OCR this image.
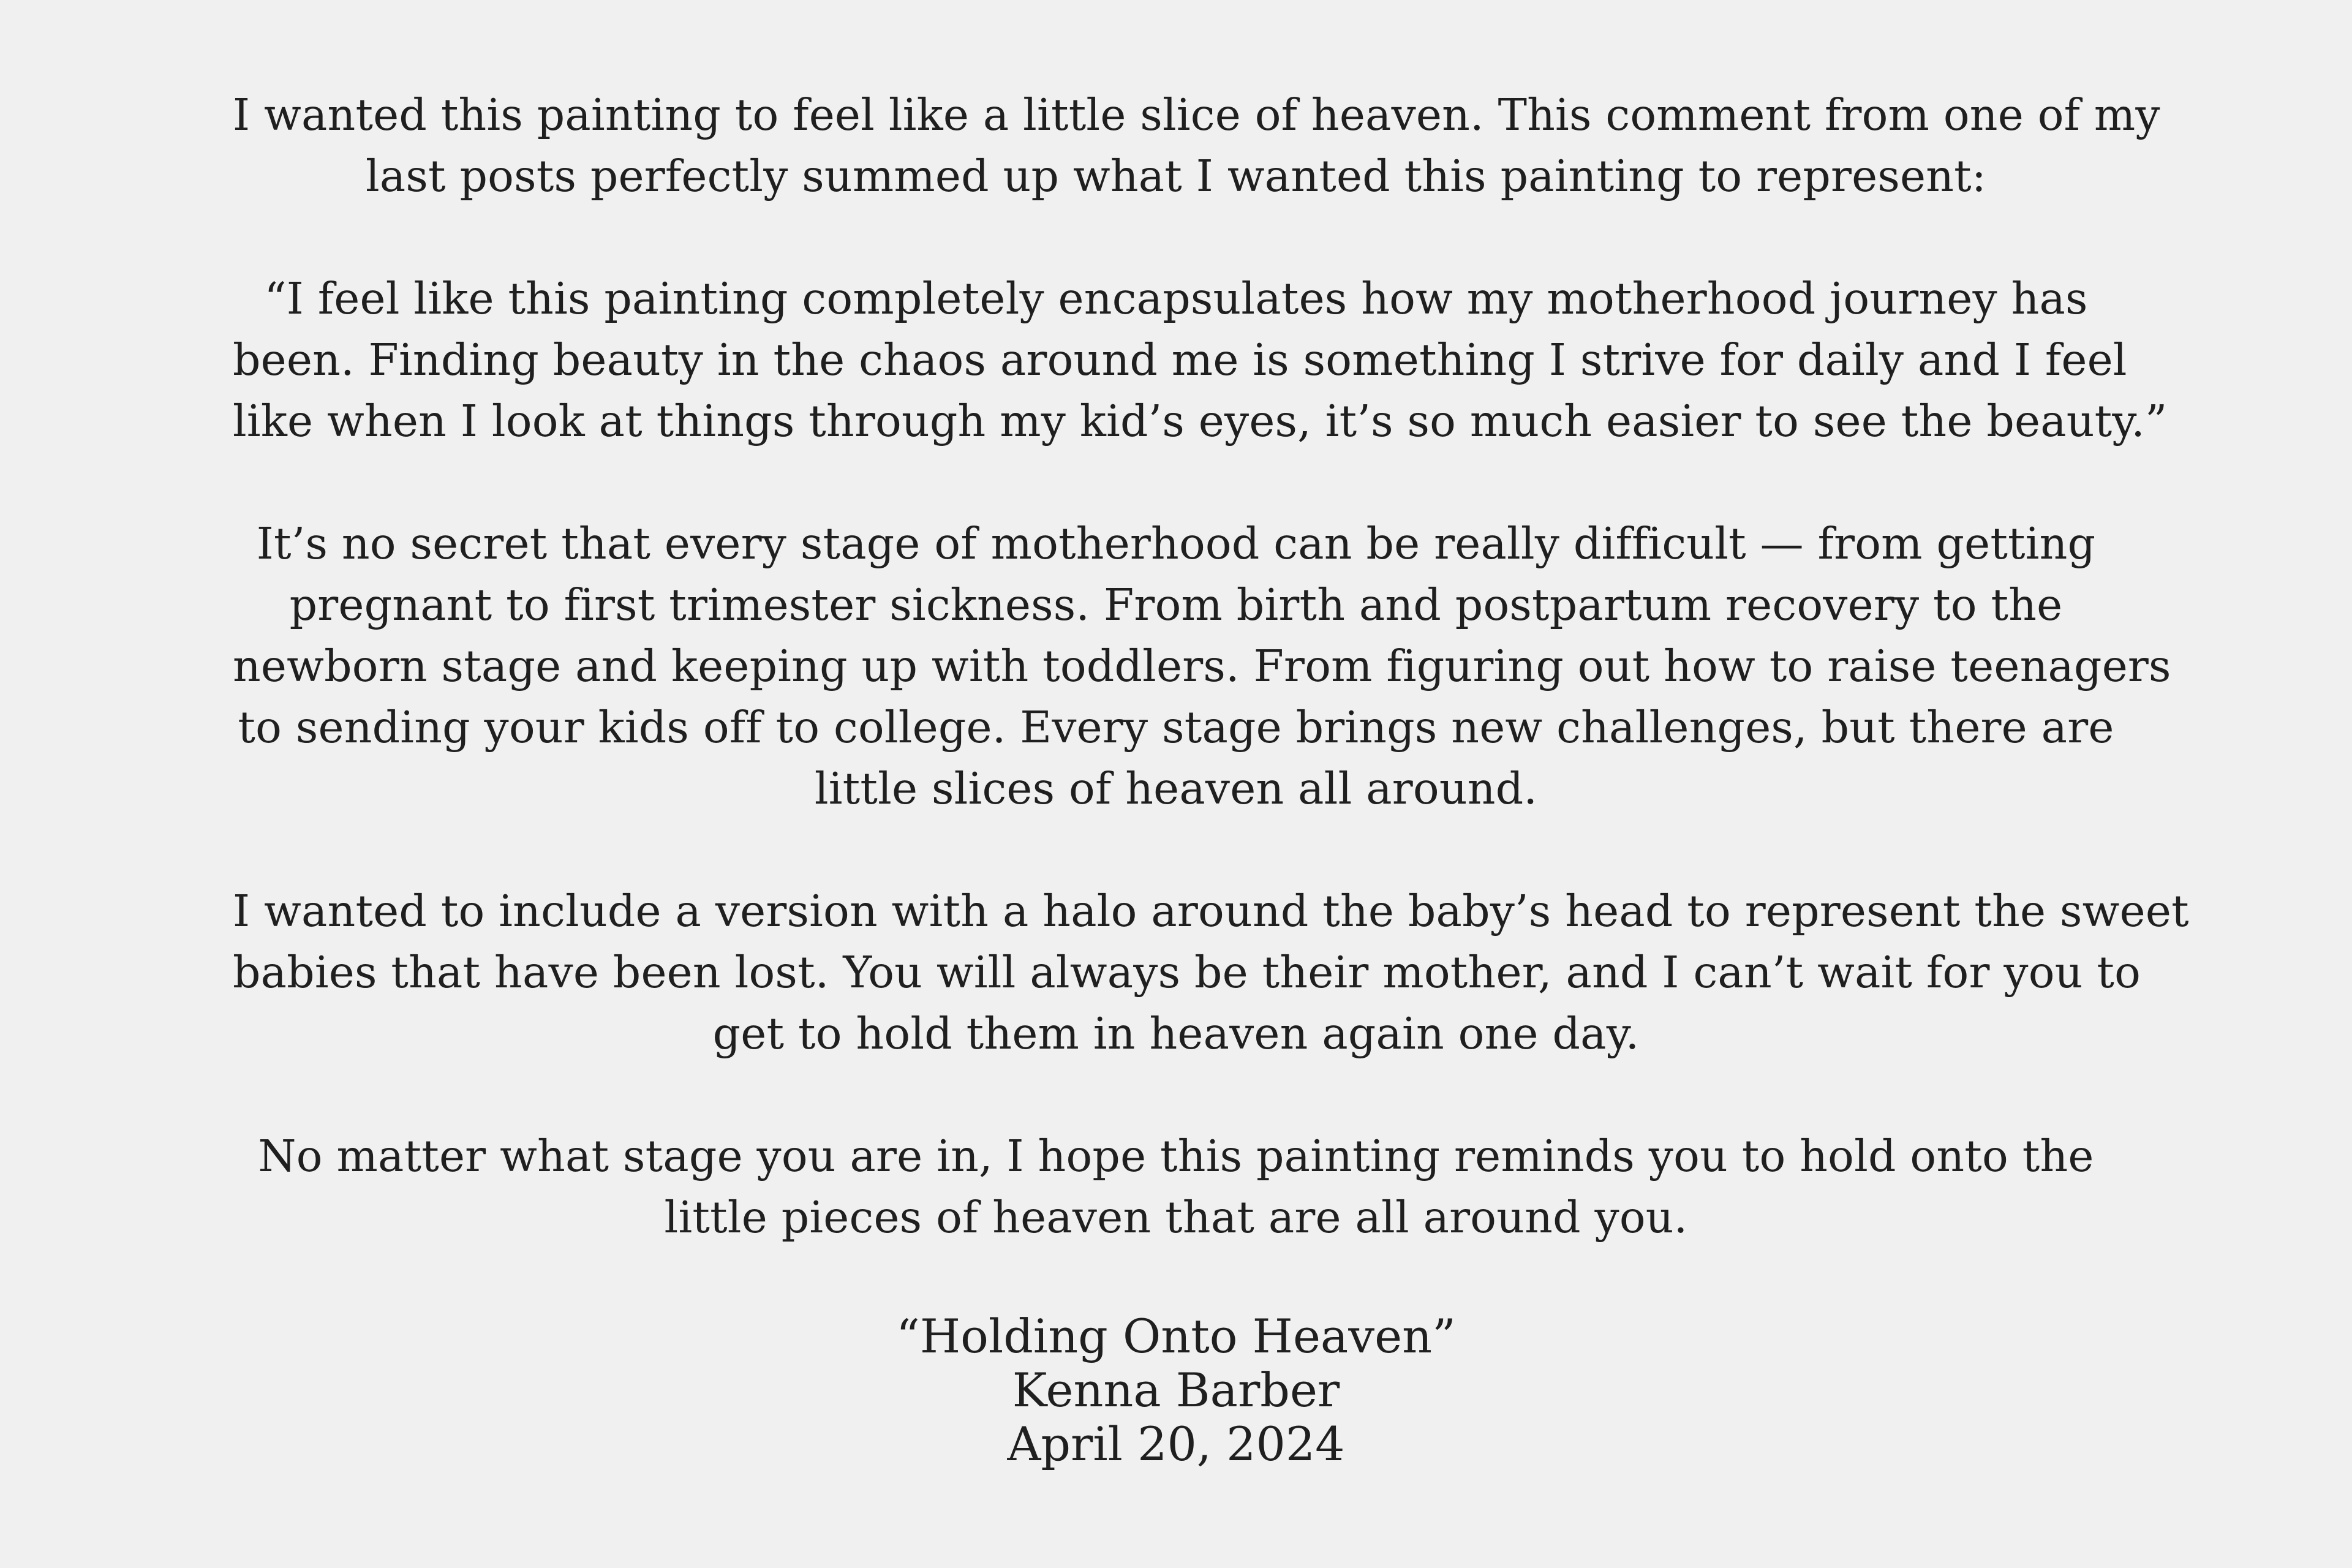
I wanted this painting to feel like a little slice of heaven. This comment from one of my
last posts perfectly summed up what I wanted this painting to represent:

“I feel like this painting completely encapsulates how my motherhood journey has
been. Finding beauty in the chaos around me is something I strive for daily and I feel
like when I look at things through my kid’s eyes, it’s so much easier to see the beauty.”

It’s no secret that every stage of motherhood can be really difficult — from getting
pregnant to first trimester sickness. From birth and postpartum recovery to the
newborn stage and keeping up with toddlers. From figuring out how to raise teenagers
to sending your kids off to college. Every stage brings new challenges, but there are
little slices of heaven all around.

I wanted to include a version with a halo around the baby’s head to represent the sweet
babies that have been lost. You will always be their mother, and I can’t wait for you to
get to hold them in heaven again one day.

No matter what stage you are in, I hope this painting reminds you to hold onto the
little pieces of heaven that are all around you.

“Holding Onto Heaven”
Kenna Barber
April 20, 2024
